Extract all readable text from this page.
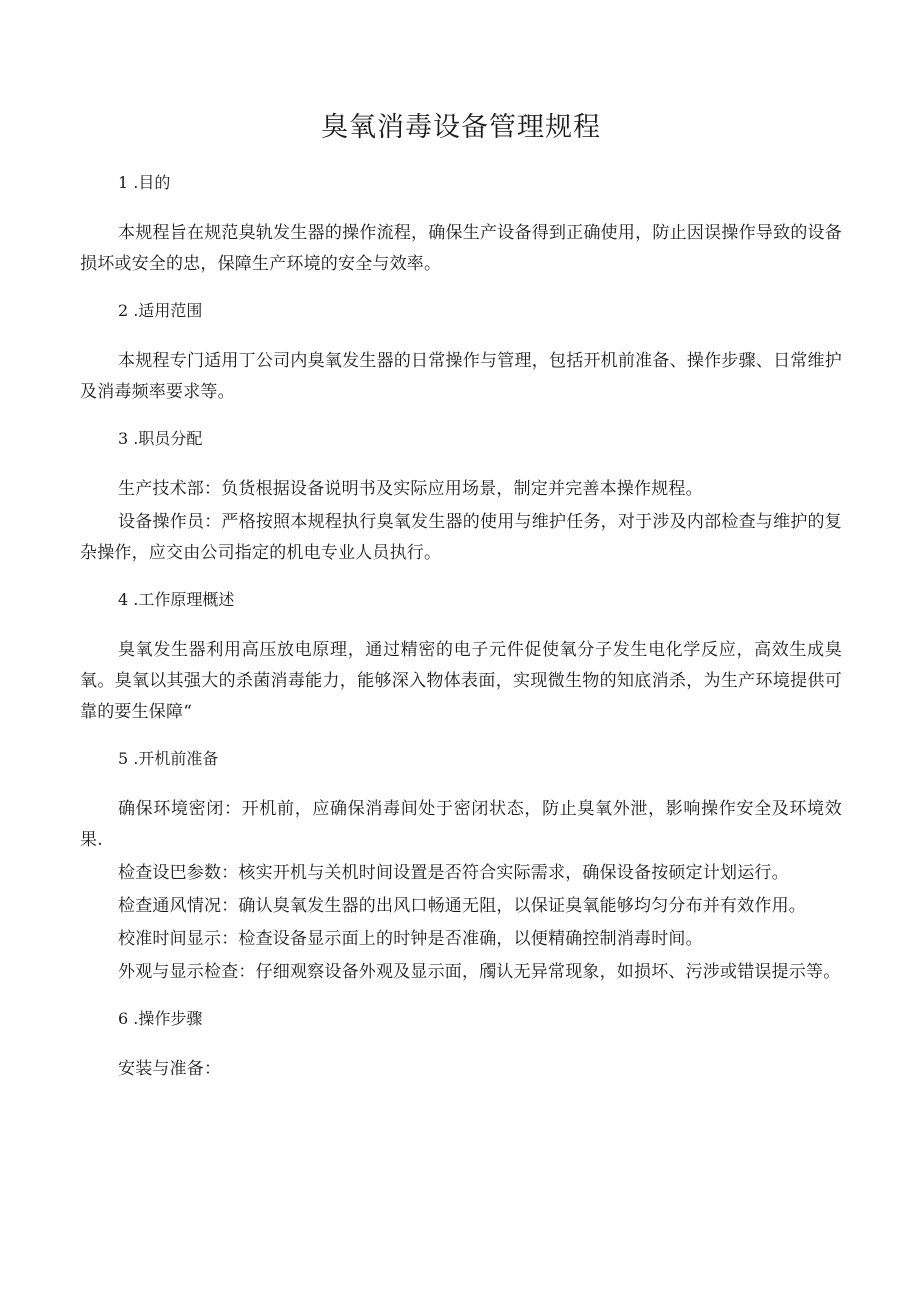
臭氧消毒设备管理规程
1 .目的

本规程旨在规范臭轨发生器的操作流程，确保生产设备得到正确使用，防止因误操作导致的设备损坏或安全的忠，保障生产环境的安全与效率。

2 .适用范围

本规程专门适用丁公司内臭氧发生器的日常操作与管理，包括开机前准备、操作步骤、日常维护及消毒频率要求等。

3 .职员分配

生产技术部：负货根据设备说明书及实际应用场景，制定并完善本操作规程。

设备操作员：严格按照本规程执行臭氧发生器的使用与维护任务，对于涉及内部检查与维护的复杂操作，应交由公司指定的机电专业人员执行。

4 .工作原理概述

臭氧发生器利用高压放电原理，通过精密的电子元件促使氧分子发生电化学反应，高效生成臭氧。臭氧以其强大的杀菌消毒能力，能够深入物体表面，实现微生物的知底消杀，为生产环境提供可靠的要生保障“

5 .开机前准备

确保环境密闭：开机前，应确保消毒间处于密闭状态，防止臭氧外泄，影响操作安全及环境效果.

检查设巴参数：核实开机与关机时间设置是否符合实际需求，确保设备按硕定计划运行。

检查通风情况：确认臭氧发生器的出风口畅通无阻，以保证臭氧能够均匀分布并有效作用。

校准时间显示：检查设备显示面上的时钟是否准确，以便精确控制消毒时间。

外观与显示检查：仔细观察设备外观及显示面，斶认无异常现象，如损坏、污涉或错误提示等。

6 .操作步骤

安装与准备：
